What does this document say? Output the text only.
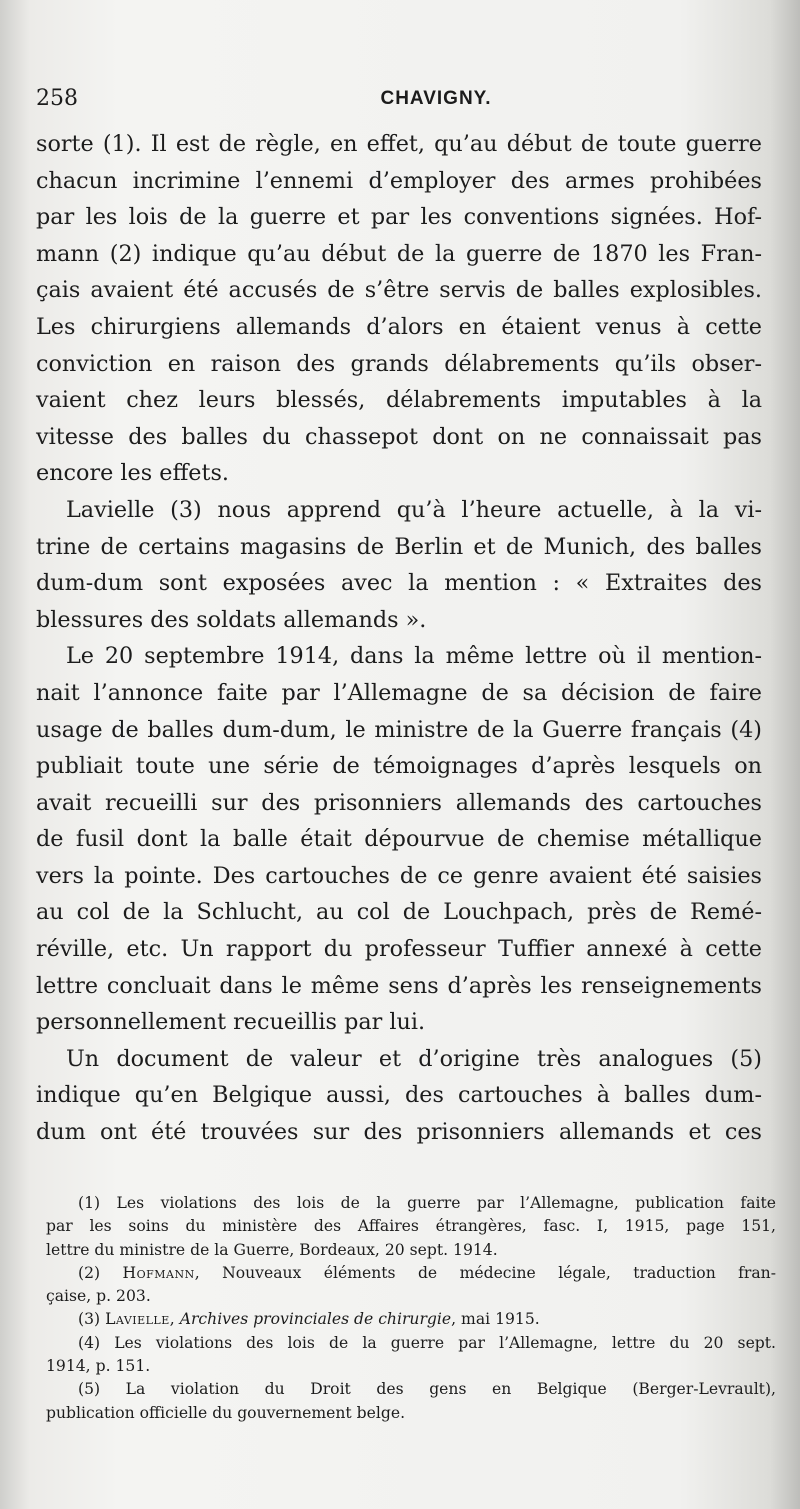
258	CHAVIGNY.
sorte (1). Il est de règle, en effet, qu’au début de toute guerre
chacun incrimine l’ennemi d’employer des armes prohibées
par les lois de la guerre et par les conventions signées. Hof-
mann (2) indique qu’au début de la guerre de 1870 les Fran-
çais avaient été accusés de s’être servis de balles explosibles.
Les chirurgiens allemands d’alors en étaient venus à cette
conviction en raison des grands délabrements qu’ils obser-
vaient chez leurs blessés, délabrements imputables à la
vitesse des balles du chassepot dont on ne connaissait pas
encore les effets.
Lavielle (3) nous apprend qu’à l’heure actuelle, à la vi-
trine de certains magasins de Berlin et de Munich, des balles
dum-dum sont exposées avec la mention : « Extraites des
blessures des soldats allemands ».
Le 20 septembre 1914, dans la même lettre où il mention-
nait l’annonce faite par l’Allemagne de sa décision de faire
usage de balles dum-dum, le ministre de la Guerre français (4)
publiait toute une série de témoignages d’après lesquels on
avait recueilli sur des prisonniers allemands des cartouches
de fusil dont la balle était dépourvue de chemise métallique
vers la pointe. Des cartouches de ce genre avaient été saisies
au col de la Schlucht, au col de Louchpach, près de Remé-
réville, etc. Un rapport du professeur Tuffier annexé à cette
lettre concluait dans le même sens d’après les renseignements
personnellement recueillis par lui.
Un document de valeur et d’origine très analogues (5)
indique qu’en Belgique aussi, des cartouches à balles dum-
dum ont été trouvées sur des prisonniers allemands et ces
(1) Les violations des lois de la guerre par l’Allemagne, publication faite
par les soins du ministère des Affaires étrangères, fasc. I, 1915, page 151,
lettre du ministre de la Guerre, Bordeaux, 20 sept. 1914.
(2) Hofmann, Nouveaux éléments de médecine légale, traduction fran-
çaise, p. 203.
(3) Lavielle, Archives provinciales de chirurgie, mai 1915.
(4) Les violations des lois de la guerre par l’Allemagne, lettre du 20 sept.
1914, p. 151.
(5) La violation du Droit des gens en Belgique (Berger-Levrault),
publication officielle du gouvernement belge.
